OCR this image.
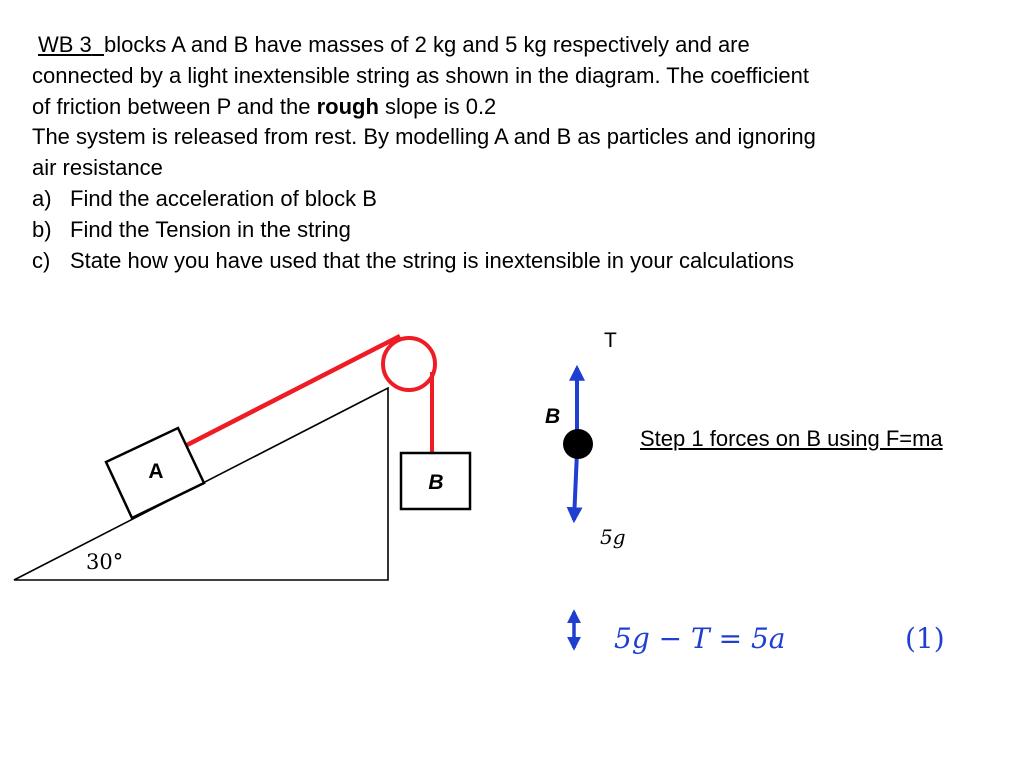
WB 3 blocks A and B have masses of 2 kg and 5 kg respectively and are
connected by a light inextensible string as shown in the diagram. The coefficient
of friction between P and the rough slope is 0.2
The system is released from rest. By modelling A and B as particles and ignoring
air resistance
a) Find the acceleration of block B
b) Find the Tension in the string
c) State how you have used that the string is inextensible in your calculations
30°
A	B
T
B
5g
5g − T = 5a	(1)
Step 1 forces on B using F=ma
